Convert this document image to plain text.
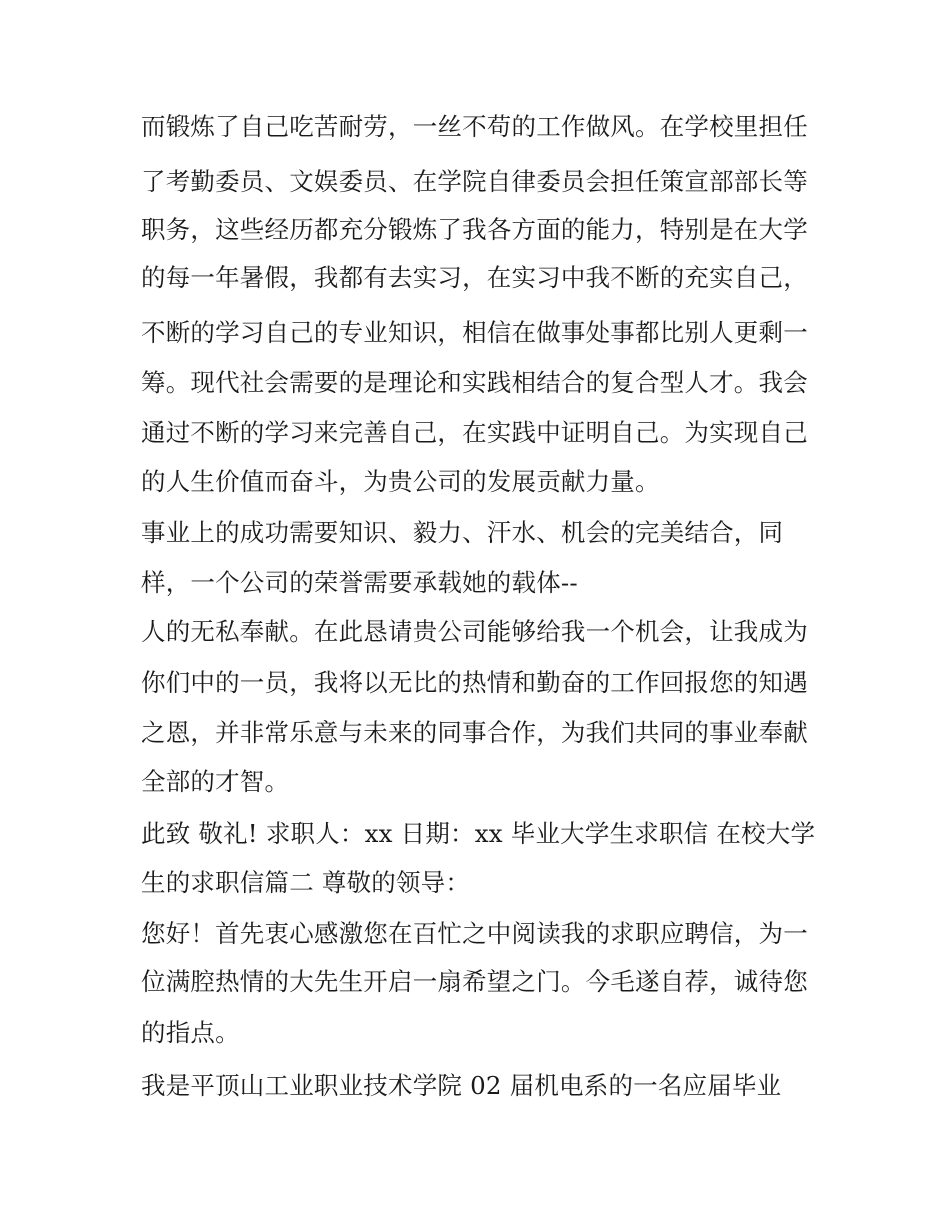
而锻炼了自己吃苦耐劳，一丝不苟的工作做风。在学校里担任
了考勤委员、文娱委员、在学院自律委员会担任策宣部部长等
职务，这些经历都充分锻炼了我各方面的能力，特别是在大学
的每一年暑假，我都有去实习，在实习中我不断的充实自己，
不断的学习自己的专业知识，相信在做事处事都比别人更剩一
筹。现代社会需要的是理论和实践相结合的复合型人才。我会
通过不断的学习来完善自己，在实践中证明自己。为实现自己
的人生价值而奋斗，为贵公司的发展贡献力量。
事业上的成功需要知识、毅力、汗水、机会的完美结合，同
样，一个公司的荣誉需要承载她的载体--
人的无私奉献。在此恳请贵公司能够给我一个机会，让我成为
你们中的一员，我将以无比的热情和勤奋的工作回报您的知遇
之恩，并非常乐意与未来的同事合作，为我们共同的事业奉献
全部的才智。
此致 敬礼! 求职人：xx 日期：xx 毕业大学生求职信 在校大学
生的求职信篇二 尊敬的领导：
您好！首先衷心感激您在百忙之中阅读我的求职应聘信，为一
位满腔热情的大先生开启一扇希望之门。今毛遂自荐，诚待您
的指点。
我是平顶山工业职业技术学院 02 届机电系的一名应届毕业
